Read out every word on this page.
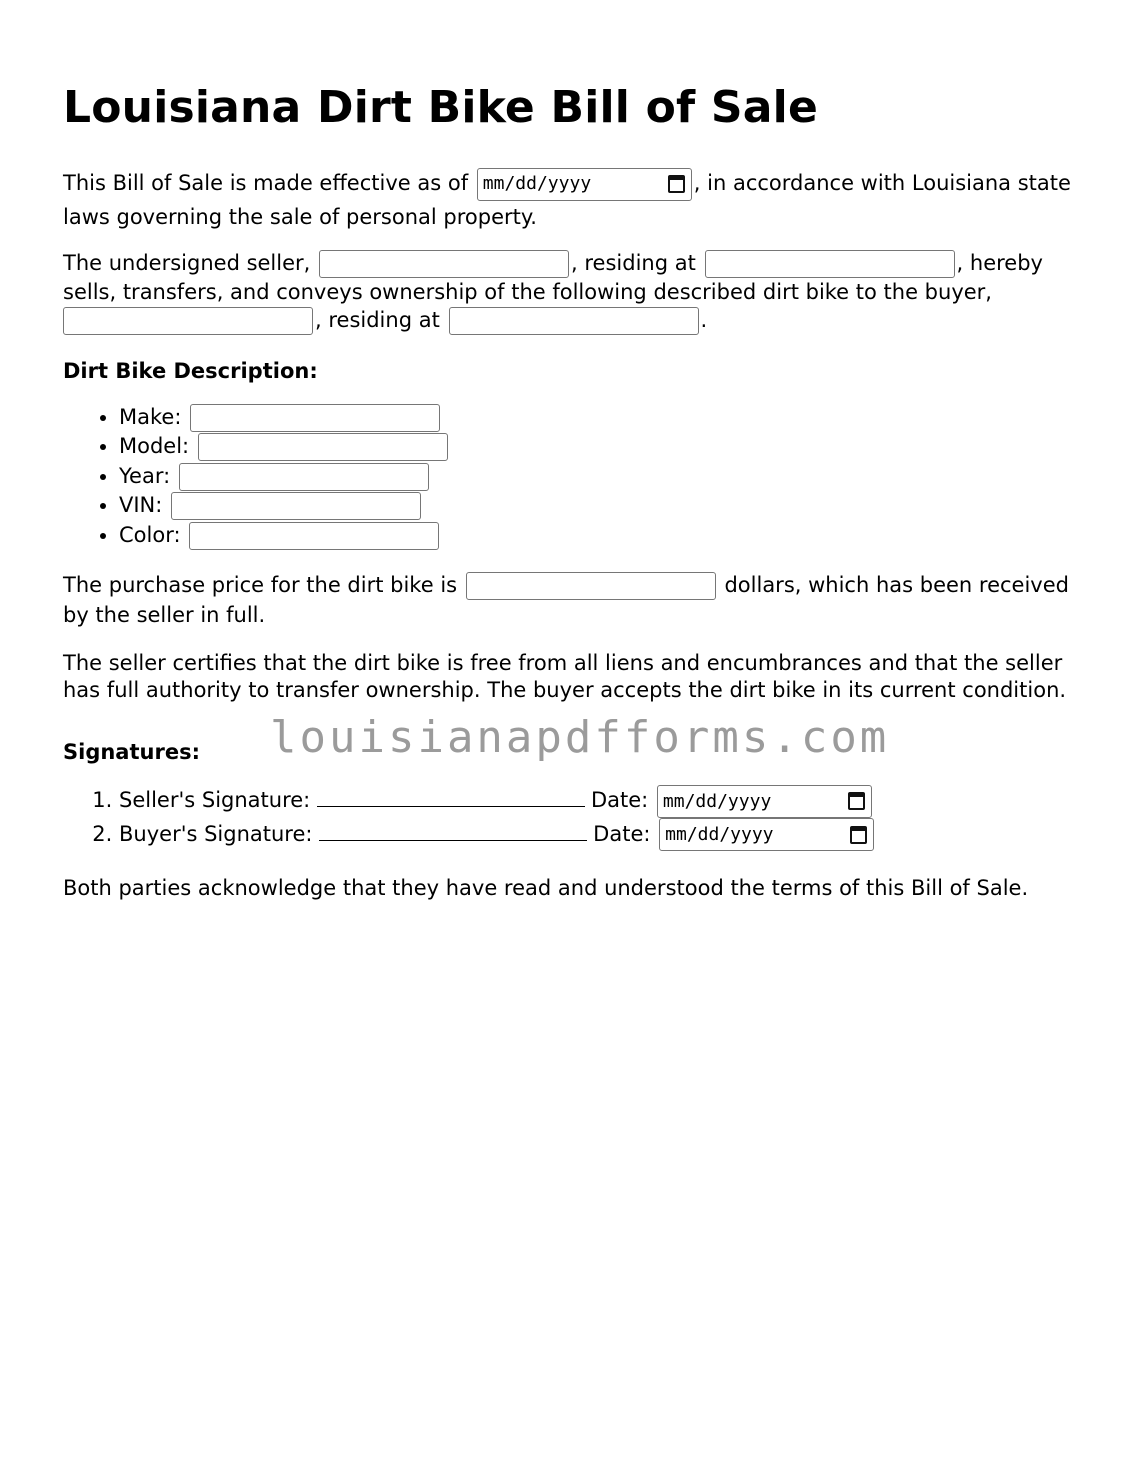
Louisiana Dirt Bike Bill of Sale

This Bill of Sale is made effective as of mm/dd/yyyy	, in accordance with Louisiana state laws governing the sale of personal property.

The undersigned seller,	, residing at	, hereby sells, transfers, and conveys ownership of the following described dirt bike to the buyer, , residing at	.

Dirt Bike Description:

• Make:
• Model:
• Year:
• VIN:
• Color:

The purchase price for the dirt bike is	dollars, which has been received by the seller in full.

The seller certifies that the dirt bike is free from all liens and encumbrances and that the seller has full authority to transfer ownership. The buyer accepts the dirt bike in its current condition.

Signatures:

1. Seller's Signature:	Date: mm/dd/yyyy
2. Buyer's Signature:	Date: mm/dd/yyyy

Both parties acknowledge that they have read and understood the terms of this Bill of Sale.

louisianapdfforms.com
